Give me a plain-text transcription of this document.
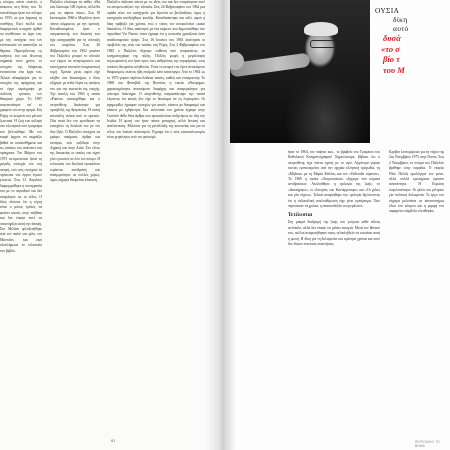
ς κόσμος, κάνει «κοινό», ο άσκοπος στη θέση του. Το αποτέλεσμα ήταν τον πόλεμο το 1955, σε μια ξαφνική τη συνθήκη. Εκεί πολλά και διαφορετικά στοιχεία ήρθαν να συνθέσουν το έργο του, με την συνέχεια που τον ενέπνευσαν να αναπτύξει τα θέματα. Περιορίζοντας τις κινήσεις του και δίνοντας σημασία στον χρόνο, το στοιχείο της διάρκειας εντάσσεται στα έργα του. Τελικά αδιαφόρησε για το στοιχείο της αφήγησης και το έργο περιέγραψε με πολλούς τρόπους τον θεατρικό χώρο. Το 1967 επαναστάτησε απ' το γραφείο του στην αγορά. Στη Ρώμη τα κείμενά του μένουν ζωντανά. Η ζωή του κύλησε στο εξωτερικό ενώ η καριέρα του βελτιώθηκε. Με τον καιρό άρχισε να εκφράζει βαθιά τα συναισθήματα και τις στάσεις του απέναντι στα πράγματα. Τον Μάρτιο του 1975 αντιμετώπισε ξανά τη μεγάλη επιτυχία του στη σκηνή, ενώ στη συνέχεια τα πρόσωπα του έργου έγιναν γνωστά. Στις 13 Απριλίου διαμορφώθηκε η συνεργασία του με το περιοδικό και δεν σταμάτησε ως το τέλος. Ο ίδιος πίστευε ότι η τέχνη είναι ο μόνος τρόπος να φτάσει κανείς στην αλήθεια και δεν έπαψε ποτέ να υποστηρίζει αυτή την άποψη. Στο Μιλάνο φιλοξενήθηκε από τον παλιό του φίλο, τον Μαντσίνι, και εκεί ολοκλήρωσε το τελευταίο του βιβλίο.
Παζολίνι ελπίσαμε να πάθει: «Θα σας δώσουμε 100 λιρέτες, αλλά θα μας τις πάρετε πίσω». Στις 18 Ιανουαρίου 1960 ο Μορλόντι ήταν πάντα σύμφωνος με την κριτική. Καταδικασμένος ήταν ο υπερασπιστής του δικαστή που είχε κατηγορηθεί για τη σύνταξη του κειμένου. Στις 26 Φεβρουαρίου του 1962 μπαίνει του Παζολίνι μπορεί το σύνολο των έργων να αναγνωριστεί, και ταυτόχρονα αποτελεί αναγκαστική τομή. Χρόνια μετά, αφού είχε κληθεί στα δικαστήρια, ο ίδιος εξήγησε με απλά λόγια τις σκέψεις του για την κοινωνία της εποχής. Την άνοιξη του 1963 η ταινία «Ρικότα» κατασχέθηκε και ο σκηνοθέτης δικάστηκε για προσβολή της θρησκείας. Η ποινή ανεστάλη τελικά από το εφετείο. Όλα αυτά δεν τον εμπόδισαν να συνεχίσει τη δουλειά του με τον ίδιο ζήλο. Ο Παζολίνι συνέχισε να γράφει ποιήματα, άρθρα και σενάρια, ενώ ταξίδεψε στην Αφρική και στην Ασία. Στο τέλος της δεκαετίας οι ταινίες του είχαν γίνει γνωστές σε όλο τον κόσμο. Η τελευταία του δουλειά προκάλεσε τεράστια αντίδραση και απαγορεύτηκε σε πολλές χώρες, όμως σήμερα θεωρείται κλασική.
Παζολίνι πάλευαν πάντα με τις ιδέες του και δεν σταμάτησαν ποτέ να αντιμετωπίζουν την εξουσία. Στις 24 Φεβρουαρίου του 1962 μια ομάδα νέων τον κατήγγειλε για ληστεία σε βενζινάδικο, όμως η κατηγορία αποδείχθηκε ψευδής. Καταδικάστηκε και πάλι, αφού η δίκη τράβηξε για χρόνια, ενώ ο τύπος τον αποκαλούσε «κακό δάσκαλο». Ο ίδιος απάντησε με ένα κείμενο που δημοσιεύθηκε στο περιοδικό Vie Nuove, όπου έγραφε ότι η κοινωνία χρειάζεται έναν αποδιοπομπαίο τράγο. Στις 16 Ιουνίου του 1963 ξεκίνησαν οι προβολές της νέας του ταινίας στη Ρώμη. Στις 2 Φεβρουαρίου του 1965 ο Παζολίνι δέχτηκε επίθεση από νεοφασίστες σε κινηματογράφο της πόλης. Πολλές φορές η μεγαλύτερη ευγνωμοσύνη του ήταν προς τους ανθρώπους της περιφέρειας, τους οποίους θεωρούσε αληθινούς. Όταν το σινεμά του έγινε αντικείμενο θαυμασμού, εκείνος ήδη ετοίμαζε κάτι καινούργιο. Από το 1964 ως το 1975 γύρισε περίπου δώδεκα ταινίες, καθώς και ντοκιμαντέρ. Το 1968 στο Φεστιβάλ της Βενετίας η ταινία «Θεώρημα» χαρακτηρίστηκε αντικείμενο διαμάχης και απαγορεύτηκε για σύντομο διάστημα. Ο σκηνοθέτης υπερασπίστηκε την ταινία λέγοντας ότι κανείς δεν είχε το δικαίωμα να τη λογοκρίνει. Οι εφημερίδες έγραφαν συνεχώς για αυτόν, κάποτε με θαυμασμό και κάποτε με εχθρότητα. Στα τελευταία του χρόνια έγραφε στην Corriere della Sera άρθρα που προκαλούσαν συζητήσεις σε όλη την Ιταλία. Η φωνή του ήταν πάντα μοναχική, αλλά δυνατή και αταλάντευτη. Μιλούσε για τη μετάλλαξη της κοινωνίας και για το τέλος του λαϊκού πολιτισμού. Έγραφε ότι ο νέος καταναλωτισμός είναι χειρότερος από τον φασισμό.
81
ΟΥΣΙΑ
δίκη
αυτό
δυσά
«το σ
βίο τ
του Μ
ήταν το 1964, τον παίρνει και... το βραβείο του Γραφείου του Καθολικού Κινηματογράφου! Σημειώνουμε, βέβαια, ότι ο σκηνοθέτης είχε πάντα σχέση με το ιερό. Αργότερα γύρισε ταινίες εμπνευσμένες από την αρχαία ελληνική τραγωδία, τη «Μήδεια» με τη Μαρία Κάλλας και τον «Οιδίποδα τύραννο». Το 1969 η ταινία «Χοιροστάσιο» εξήγειρε νέα κύματα αντιδράσεων. Ακολούθησε η τριλογία της ζωής: το «Δεκαήμερο», οι «Ιστορίες του Καντέρμπουρι» και «Οι χίλιες και μία νύχτες». Τελικά απαρνήθηκε την τριλογία δηλώνοντας ότι η σεξουαλική απελευθέρωση είχε γίνει εμπόρευμα. Όσο περνούσαν τα χρόνια, η απαισιοδοξία του μεγάλωνε.
Τετέλεσται
Στη μακρά διαδρομή της ζωής του γνώρισε κάθε είδους αντίπαλο, αλλά δεν έπαψε να μιλάει ανοιχτά. Μετά τον θάνατό του, πολλοί αναρωτήθηκαν ποιος τελικά ήθελε να σωπάσει αυτή η φωνή. Η δίκη για τη δολοφονία του κράτησε χρόνια και ποτέ δεν έδωσε πειστικές απαντήσεις.
Κρεβατ λεπτομέρειες για τη νύχτα της 2ας Νοεμβρίου 1975 στην Όστια. Στις 2 Νοεμβρίου, το πτώμα του Παζολίνι βρέθηκε στην παραλία. Ο νεαρός Πίνο Πελόζι ομολόγησε τον φόνο, αλλά πολλά ερωτήματα έμειναν αναπάντητα. Η Ευρώπη συγκλονίστηκε. Οι φίλοι του μίλησαν για πολιτική δολοφονία. Το έργο του σήμερα μελετάται σε πανεπιστήμια όλου του κόσμου και η μορφή του παραμένει σύμβολο ελευθερίας.
ΠΕΡΙΟΔΙΚΟ ΤΟ ΒΗΜΑ
